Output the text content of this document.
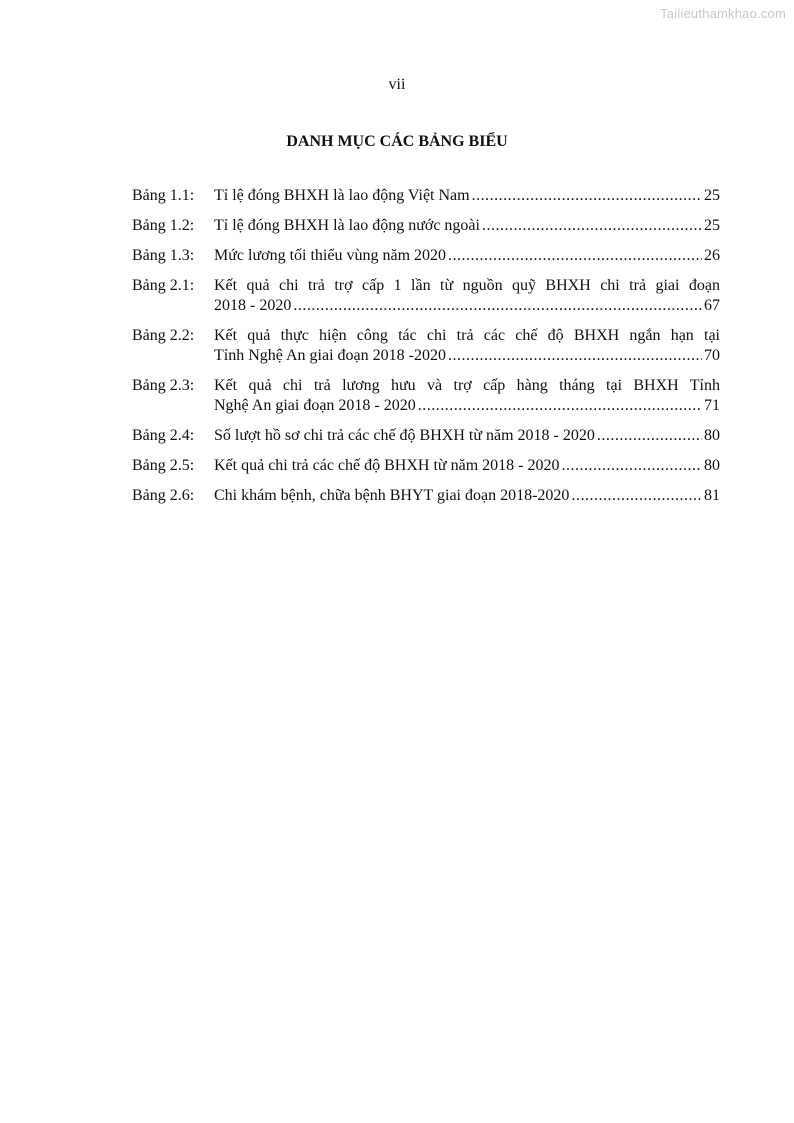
Tailieuthamkhao.com
vii
DANH MỤC CÁC BẢNG BIỂU
Bảng 1.1:	Tỉ lệ đóng BHXH là lao động Việt Nam .....	25
Bảng 1.2:	Tỉ lệ đóng BHXH là lao động nước ngoài .....	25
Bảng 1.3:	Mức lương tối thiểu vùng năm 2020 .....	26
Bảng 2.1:	Kết quả chi trả trợ cấp 1 lần từ nguồn quỹ BHXH chi trả giai đoạn
2018 - 2020 .....	67
Bảng 2.2:	Kết quả thực hiện công tác chi trả các chế độ BHXH ngắn hạn tại
Tỉnh Nghệ An giai đoạn 2018 -2020 .....	70
Bảng 2.3:	Kết quả chi trả lương hưu và trợ cấp hàng tháng tại BHXH Tỉnh
Nghệ An giai đoạn 2018 - 2020 .....	71
Bảng 2.4:	Số lượt hồ sơ chi trả các chế độ BHXH từ năm 2018 - 2020 .....	80
Bảng 2.5:	Kết quả chi trả các chế độ BHXH từ năm 2018 - 2020 .....	80
Bảng 2.6:	Chi khám bệnh, chữa bệnh BHYT giai đoạn 2018-2020 .....	81
